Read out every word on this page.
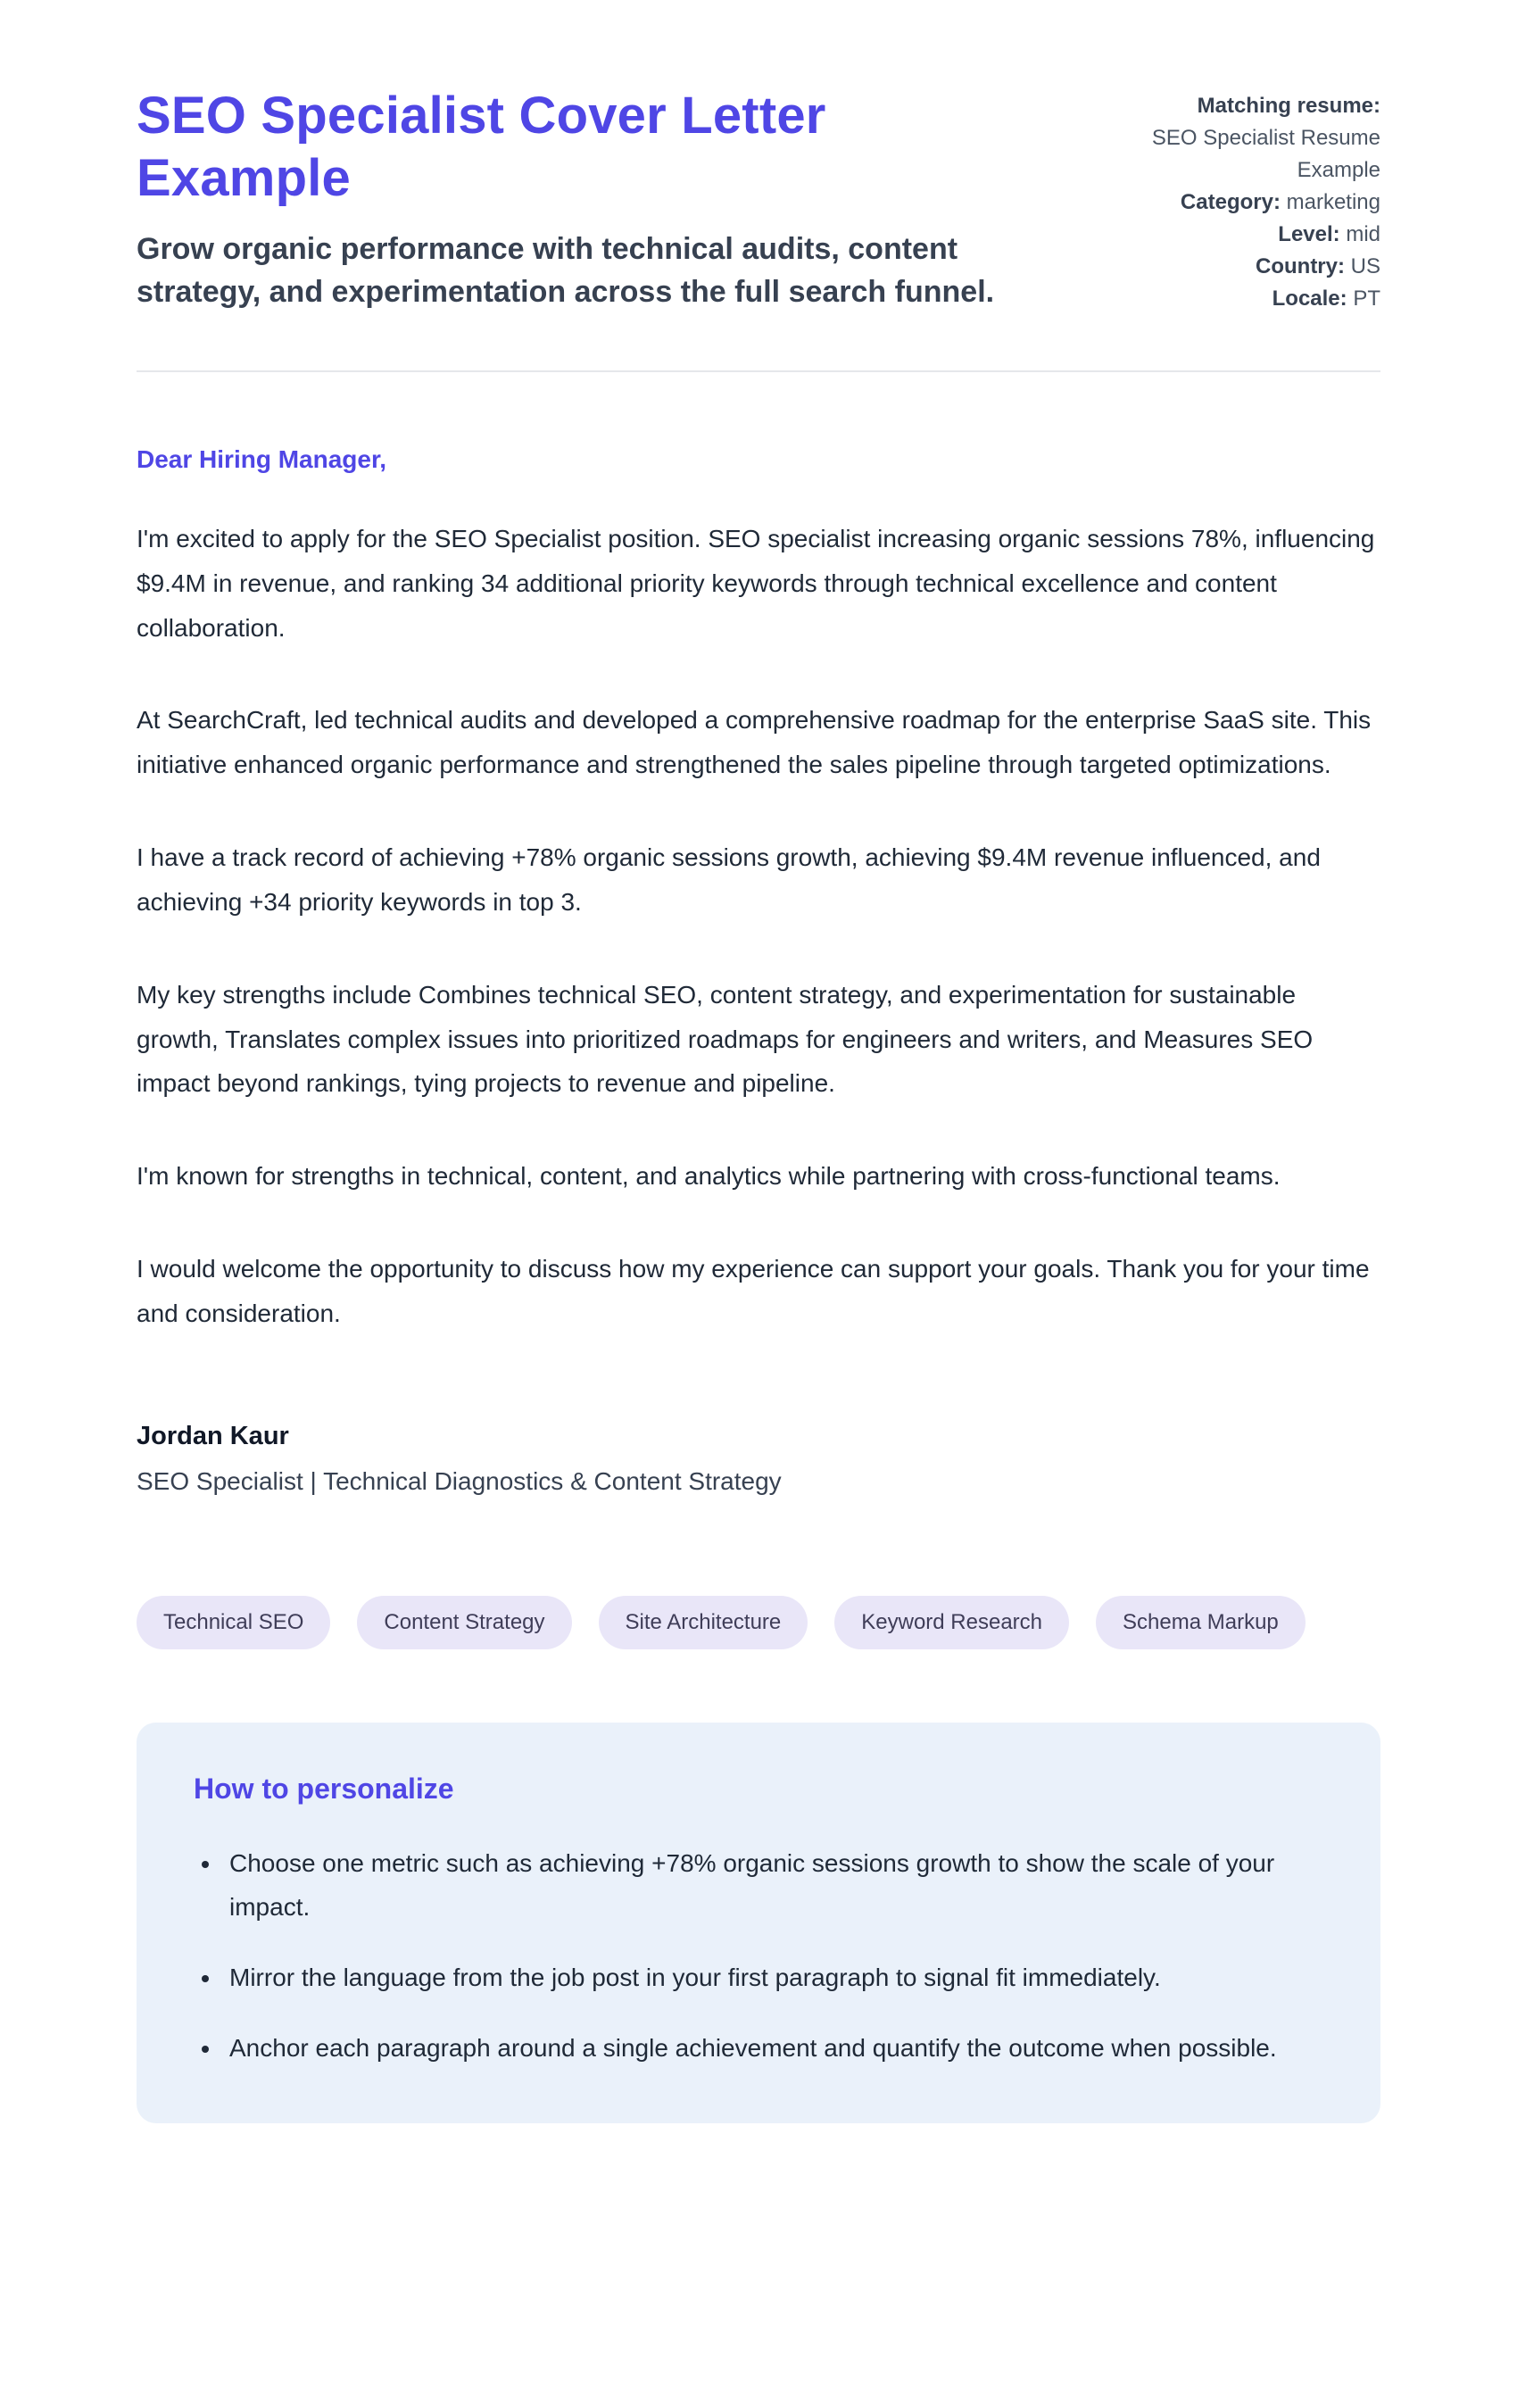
SEO Specialist Cover Letter Example
Grow organic performance with technical audits, content strategy, and experimentation across the full search funnel.
Matching resume:
SEO Specialist Resume Example
Category: marketing
Level: mid
Country: US
Locale: PT
Dear Hiring Manager,

I'm excited to apply for the SEO Specialist position. SEO specialist increasing organic sessions 78%, influencing $9.4M in revenue, and ranking 34 additional priority keywords through technical excellence and content collaboration.

At SearchCraft, led technical audits and developed a comprehensive roadmap for the enterprise SaaS site. This initiative enhanced organic performance and strengthened the sales pipeline through targeted optimizations.

I have a track record of achieving +78% organic sessions growth, achieving $9.4M revenue influenced, and achieving +34 priority keywords in top 3.

My key strengths include Combines technical SEO, content strategy, and experimentation for sustainable growth, Translates complex issues into prioritized roadmaps for engineers and writers, and Measures SEO impact beyond rankings, tying projects to revenue and pipeline.

I'm known for strengths in technical, content, and analytics while partnering with cross-functional teams.

I would welcome the opportunity to discuss how my experience can support your goals. Thank you for your time and consideration.

Jordan Kaur
SEO Specialist | Technical Diagnostics & Content Strategy
Technical SEO	Content Strategy	Site Architecture	Keyword Research	Schema Markup
How to personalize
• Choose one metric such as achieving +78% organic sessions growth to show the scale of your impact.
• Mirror the language from the job post in your first paragraph to signal fit immediately.
• Anchor each paragraph around a single achievement and quantify the outcome when possible.
